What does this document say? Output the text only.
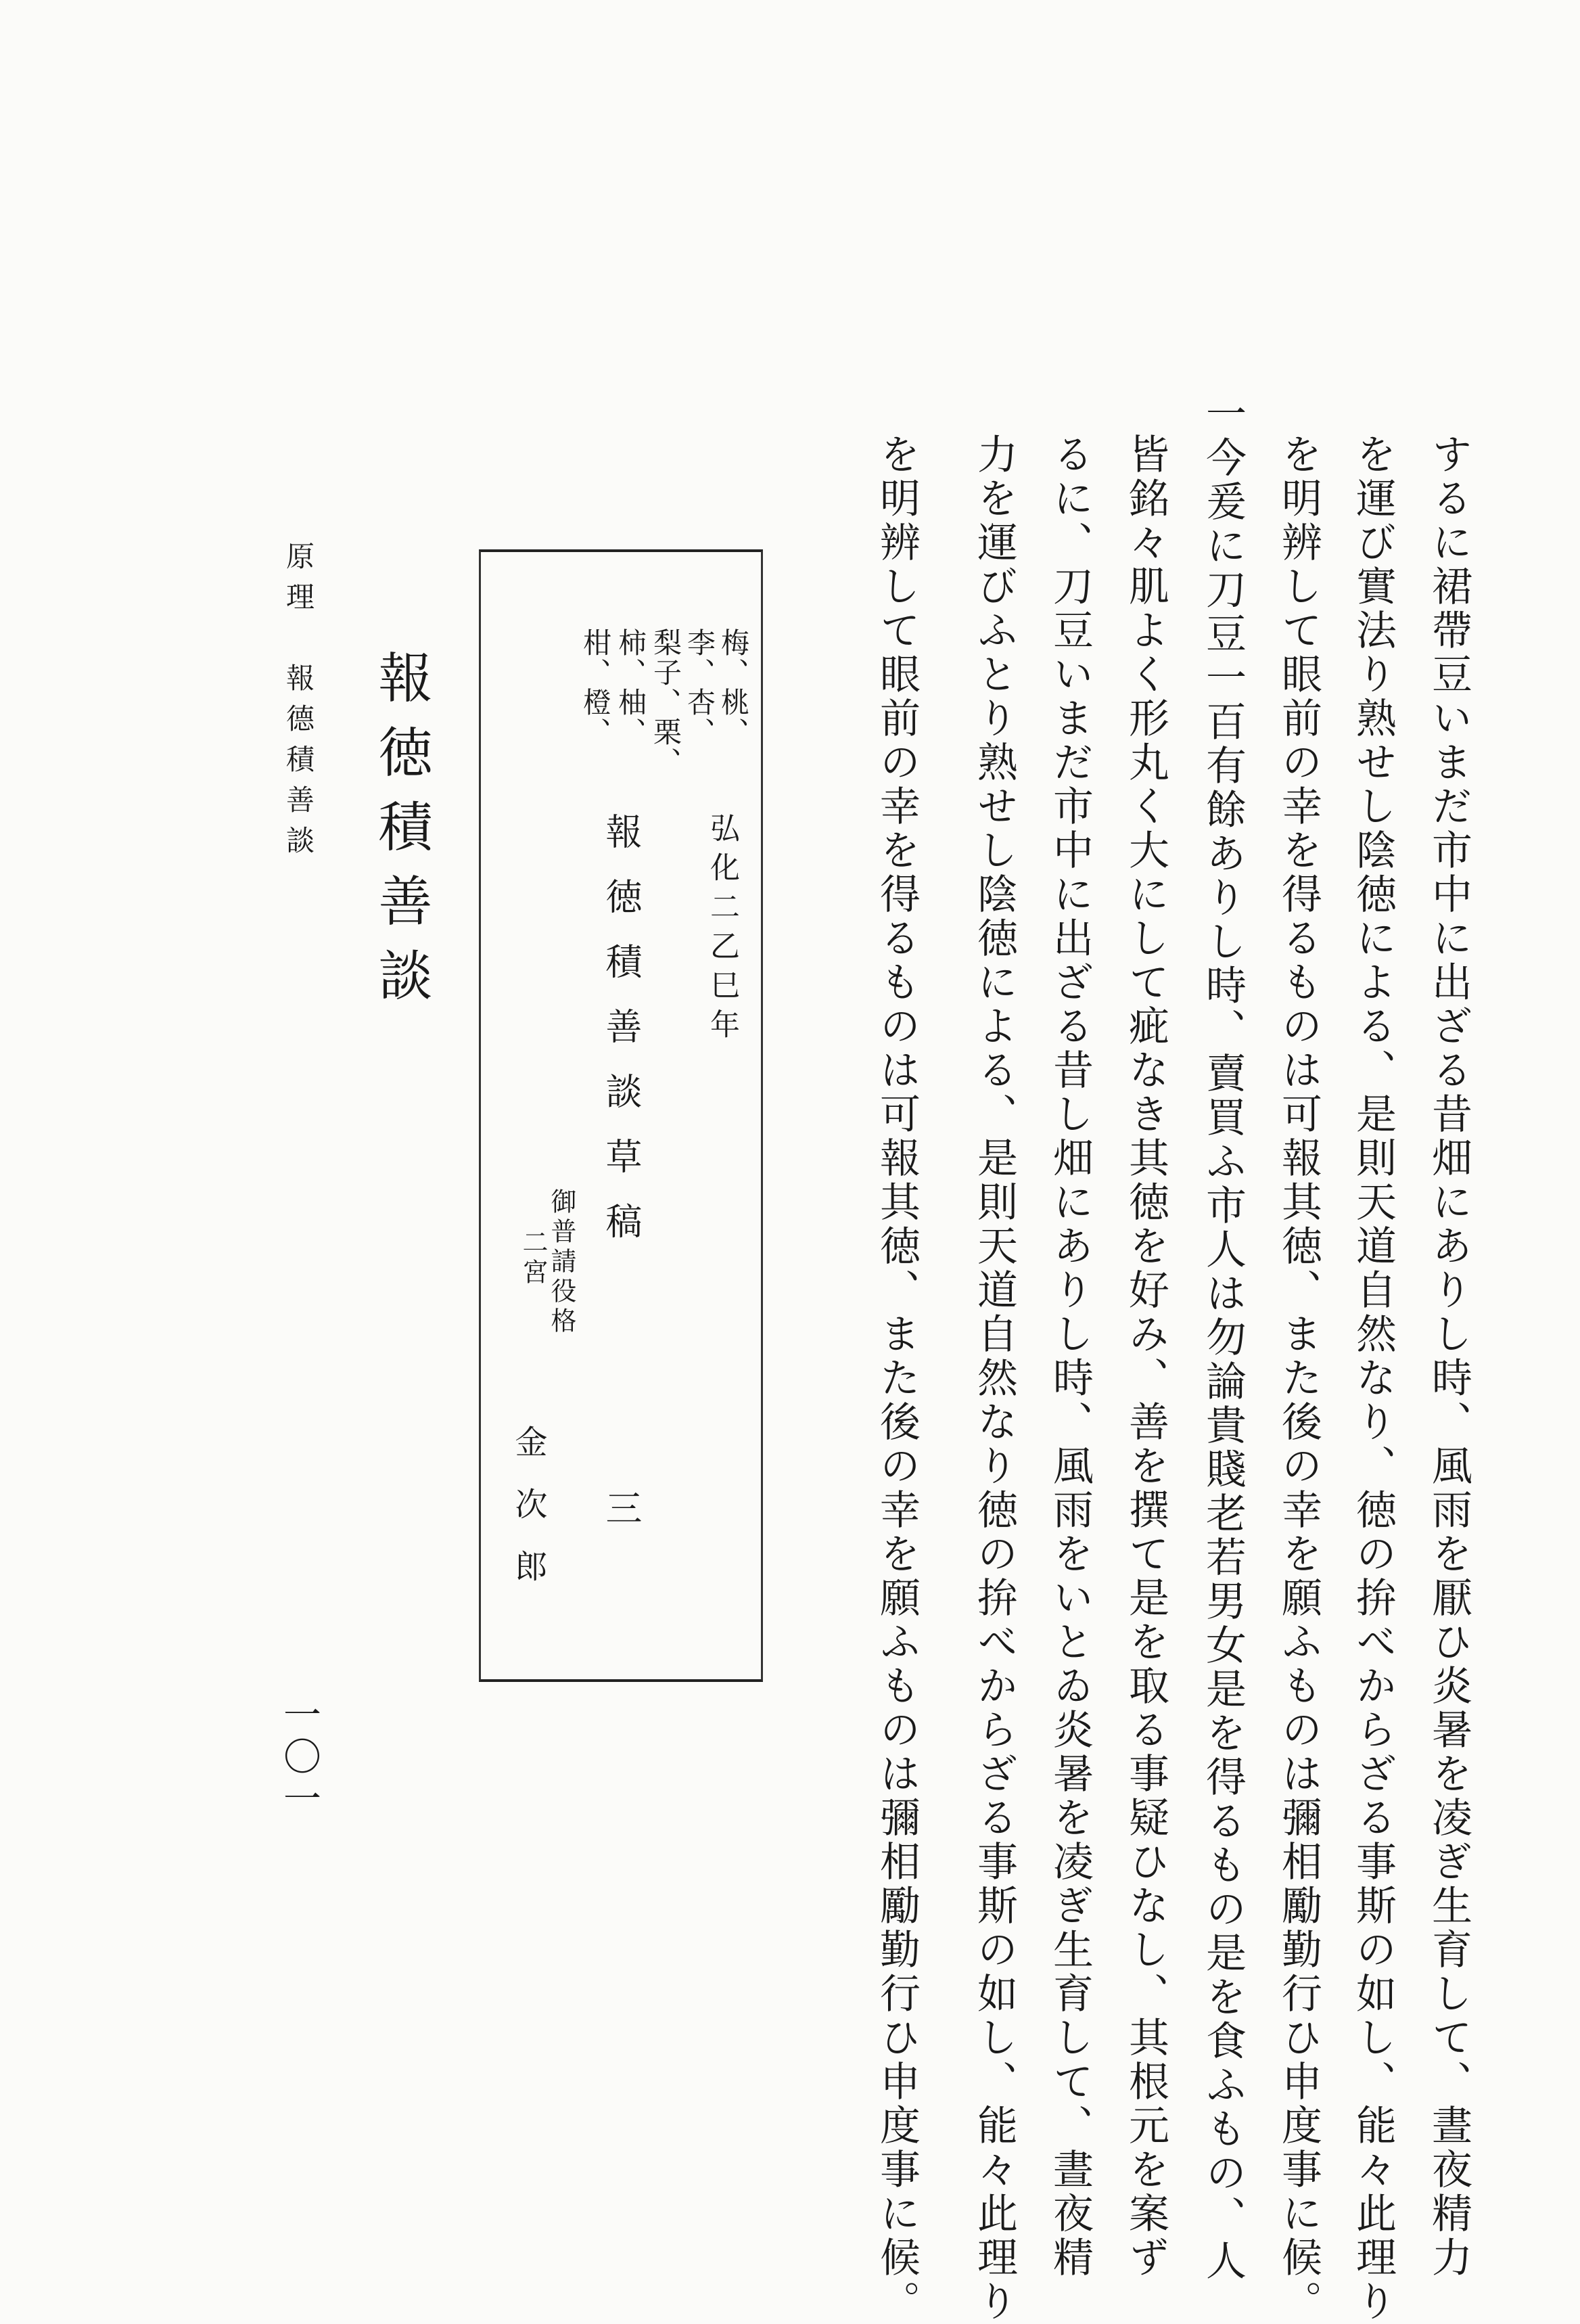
するに裙帶豆いまだ市中に出ざる昔畑にありし時、風雨を厭ひ炎暑を凌ぎ生育して、晝夜精力
を運び實法り熟せし陰徳による、是則天道自然なり、徳の拚べからざる事斯の如し、能々此理り
を明辨して眼前の幸を得るものは可報其徳、また後の幸を願ふものは彌相勵勤行ひ申度事に候。
一今爰に刀豆一百有餘ありし時、賣買ふ市人は勿論貴賤老若男女是を得るもの是を食ふもの、人
皆銘々肌よく形丸く大にして疵なき其徳を好み、善を撰て是を取る事疑ひなし、其根元を案ず
るに、刀豆いまだ市中に出ざる昔し畑にありし時、風雨をいとゐ炎暑を凌ぎ生育して、晝夜精
力を運びふとり熟せし陰徳による、是則天道自然なり徳の拚べからざる事斯の如し、能々此理り
を明辨して眼前の幸を得るものは可報其徳、また後の幸を願ふものは彌相勵勤行ひ申度事に候。
弘化二乙巳年
報徳積善談草稿
三
御普請役格
二宮
金次郎
梅、桃、
李、杏、
梨子、栗、
柿、柚、
柑、橙、
報徳積善談
原理　報德積善談
一〇一
